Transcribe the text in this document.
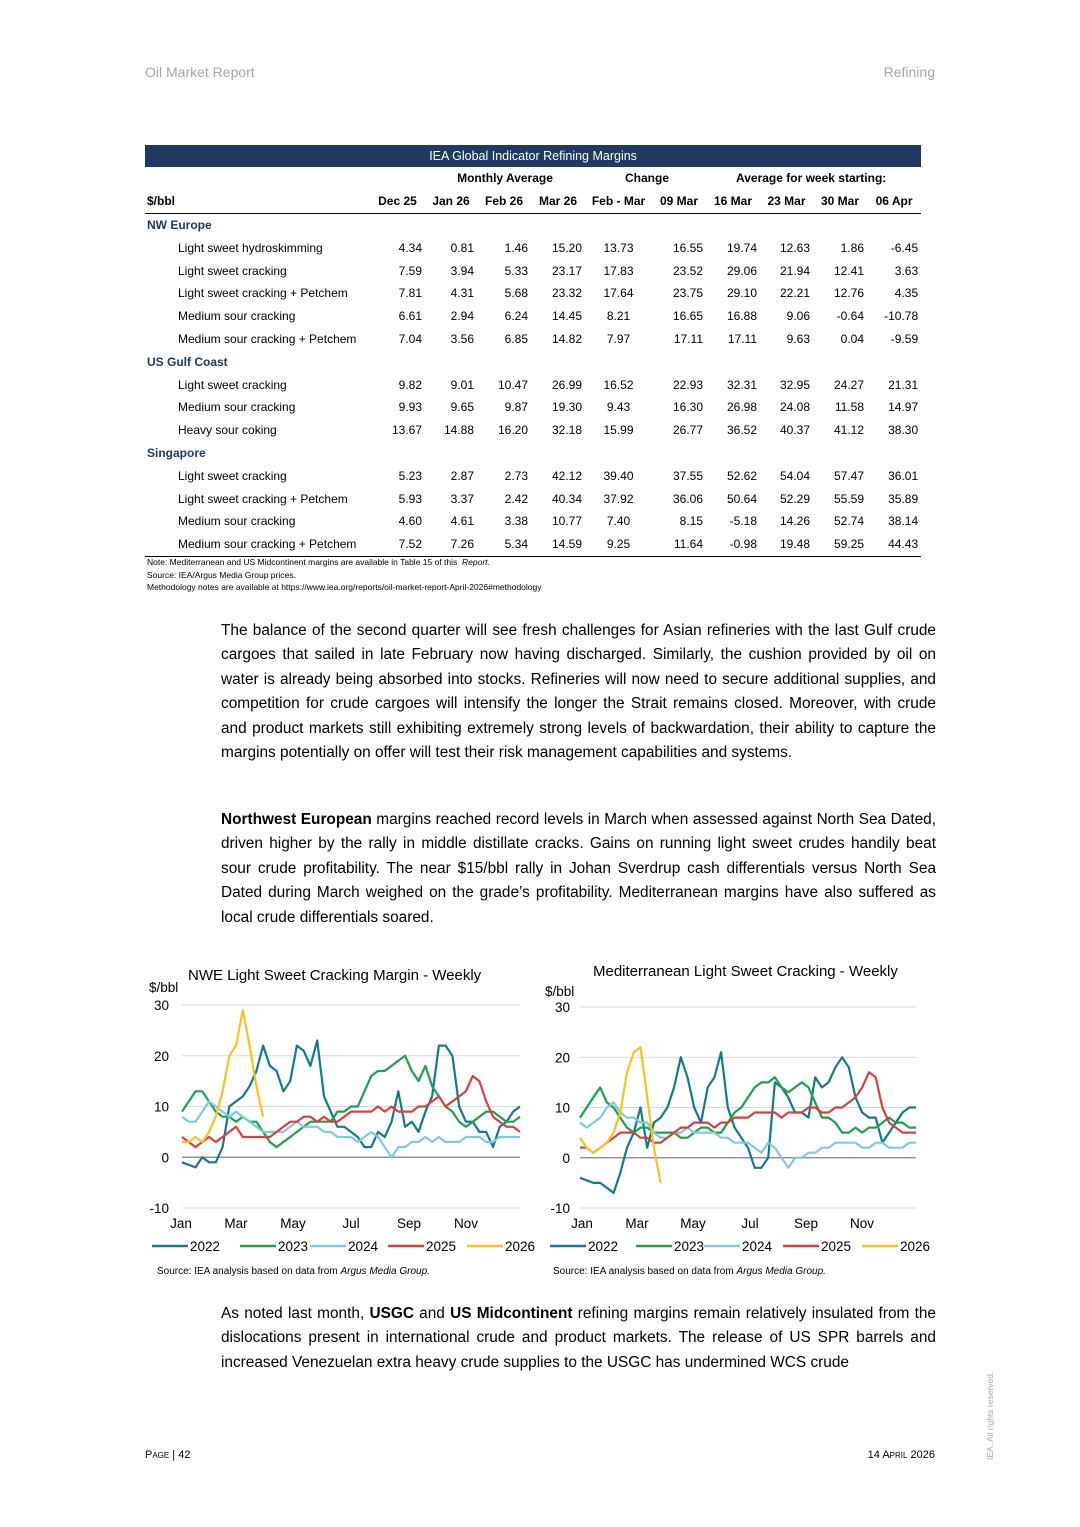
Oil Market Report	Refining
IEA Global Indicator Refining Margins										
		Monthly Average			Change		Average for week starting:			
$/bbl	Dec 25	Jan 26	Feb 26	Mar 26	Feb - Mar	09 Mar	16 Mar	23 Mar	30 Mar	06 Apr
NW Europe										
Light sweet hydroskimming	4.34	0.81	1.46	15.20	13.73	16.55	19.74	12.63	1.86	-6.45
Light sweet cracking	7.59	3.94	5.33	23.17	17.83	23.52	29.06	21.94	12.41	3.63
Light sweet cracking + Petchem	7.81	4.31	5.68	23.32	17.64	23.75	29.10	22.21	12.76	4.35
Medium sour cracking	6.61	2.94	6.24	14.45	8.21	16.65	16.88	9.06	-0.64	-10.78
Medium sour cracking + Petchem	7.04	3.56	6.85	14.82	7.97	17.11	17.11	9.63	0.04	-9.59
US Gulf Coast										
Light sweet cracking	9.82	9.01	10.47	26.99	16.52	22.93	32.31	32.95	24.27	21.31
Medium sour cracking	9.93	9.65	9.87	19.30	9.43	16.30	26.98	24.08	11.58	14.97
Heavy sour coking	13.67	14.88	16.20	32.18	15.99	26.77	36.52	40.37	41.12	38.30
Singapore										
Light sweet cracking	5.23	2.87	2.73	42.12	39.40	37.55	52.62	54.04	57.47	36.01
Light sweet cracking + Petchem	5.93	3.37	2.42	40.34	37.92	36.06	50.64	52.29	55.59	35.89
Medium sour cracking	4.60	4.61	3.38	10.77	7.40	8.15	-5.18	14.26	52.74	38.14
Medium sour cracking + Petchem	7.52	7.26	5.34	14.59	9.25	11.64	-0.98	19.48	59.25	44.43
Note: Mediterranean and US Midcontinent margins are available in Table 15 of this Report.
Source: IEA/Argus Media Group prices.
Methodology notes are available at https://www.iea.org/reports/oil-market-report-April-2026#methodology
The balance of the second quarter will see fresh challenges for Asian refineries with the last Gulf crude cargoes that sailed in late February now having discharged. Similarly, the cushion provided by oil on water is already being absorbed into stocks. Refineries will now need to secure additional supplies, and competition for crude cargoes will intensify the longer the Strait remains closed. Moreover, with crude and product markets still exhibiting extremely strong levels of backwardation, their ability to capture the margins potentially on offer will test their risk management capabilities and systems.
Northwest European margins reached record levels in March when assessed against North Sea Dated, driven higher by the rally in middle distillate cracks. Gains on running light sweet crudes handily beat sour crude profitability. The near $15/bbl rally in Johan Sverdrup cash differentials versus North Sea Dated during March weighed on the grade’s profitability. Mediterranean margins have also suffered as local crude differentials soared.
As noted last month, USGC and US Midcontinent refining margins remain relatively insulated from the dislocations present in international crude and product markets. The release of US SPR barrels and increased Venezuelan extra heavy crude supplies to the USGC has undermined WCS crude
NWE Light Sweet Cracking Margin - Weekly
$/bbl
30
20
10
0
-10
Jan Mar May	Jul	Sep Nov
2022	2023	2024	2025	2026
Source: IEA analysis based on data from Argus Media Group.
Mediterranean Light Sweet Cracking - Weekly
$/bbl
30
20
10
0
-10
Jan Mar May	Jul	Sep Nov
2022	2023	2024	2025	2026
Source: IEA analysis based on data from Argus Media Group.
Page | 42	14 April 2026	IEA. All rights reserved.
